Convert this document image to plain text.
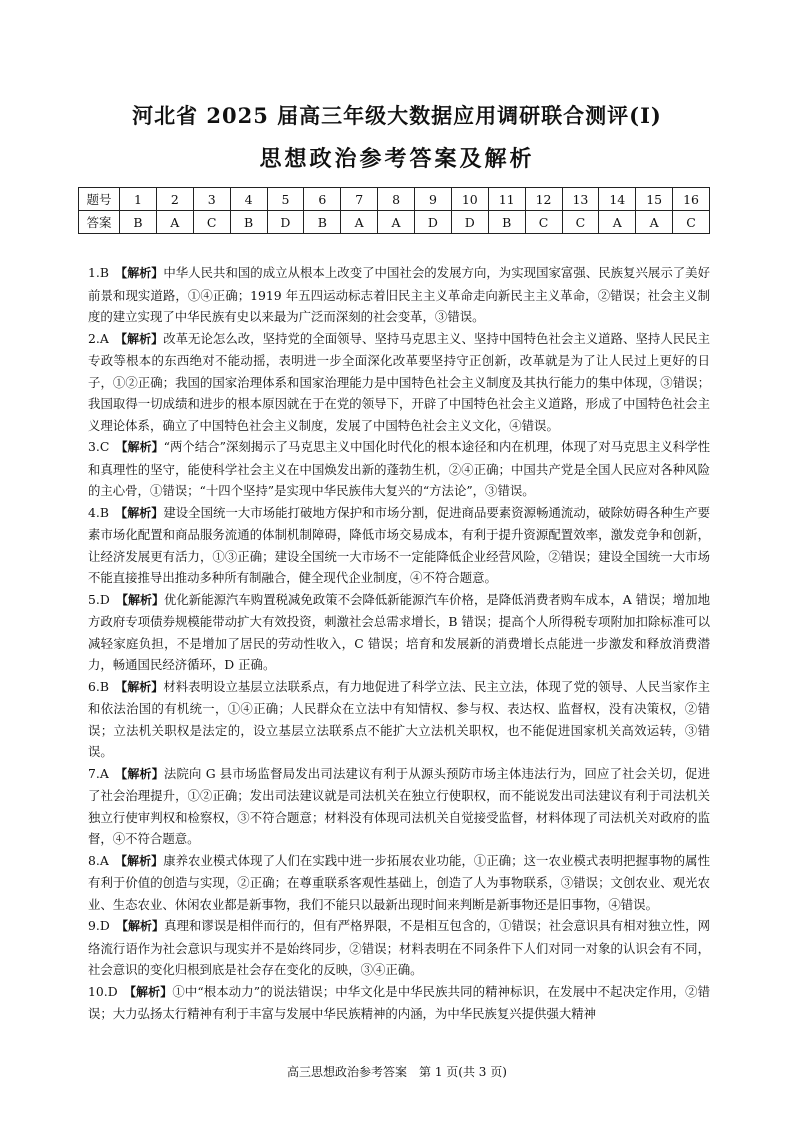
河北省 2025 届高三年级大数据应用调研联合测评(Ⅰ)
思想政治参考答案及解析
题号	1	2	3	4	5	6	7	8	9	10	11	12	13	14	15	16
答案	B	A	C	B	D	B	A	A	D	D	B	C	C	A	A	C

1.B  【解析】中华人民共和国的成立从根本上改变了中国社会的发展方向，为实现国家富强、民族复兴展示了美好前景和现实道路，①④正确；1919 年五四运动标志着旧民主主义革命走向新民主主义革命，②错误；社会主义制度的建立实现了中华民族有史以来最为广泛而深刻的社会变革，③错误。

2.A  【解析】改革无论怎么改，坚持党的全面领导、坚持马克思主义、坚持中国特色社会主义道路、坚持人民民主专政等根本的东西绝对不能动摇，表明进一步全面深化改革要坚持守正创新，改革就是为了让人民过上更好的日子，①②正确；我国的国家治理体系和国家治理能力是中国特色社会主义制度及其执行能力的集中体现，③错误；我国取得一切成绩和进步的根本原因就在于在党的领导下，开辟了中国特色社会主义道路，形成了中国特色社会主义理论体系，确立了中国特色社会主义制度，发展了中国特色社会主义文化，④错误。

3.C  【解析】“两个结合”深刻揭示了马克思主义中国化时代化的根本途径和内在机理，体现了对马克思主义科学性和真理性的坚守，能使科学社会主义在中国焕发出新的蓬勃生机，②④正确；中国共产党是全国人民应对各种风险的主心骨，①错误；“十四个坚持”是实现中华民族伟大复兴的“方法论”，③错误。

4.B  【解析】建设全国统一大市场能打破地方保护和市场分割，促进商品要素资源畅通流动，破除妨碍各种生产要素市场化配置和商品服务流通的体制机制障碍，降低市场交易成本，有利于提升资源配置效率，激发竞争和创新，让经济发展更有活力，①③正确；建设全国统一大市场不一定能降低企业经营风险，②错误；建设全国统一大市场不能直接推导出推动多种所有制融合，健全现代企业制度，④不符合题意。

5.D  【解析】优化新能源汽车购置税减免政策不会降低新能源汽车价格，是降低消费者购车成本，A 错误；增加地方政府专项债券规模能带动扩大有效投资，刺激社会总需求增长，B 错误；提高个人所得税专项附加扣除标准可以减轻家庭负担，不是增加了居民的劳动性收入，C 错误；培育和发展新的消费增长点能进一步激发和释放消费潜力，畅通国民经济循环，D 正确。

6.B  【解析】材料表明设立基层立法联系点，有力地促进了科学立法、民主立法，体现了党的领导、人民当家作主和依法治国的有机统一，①④正确；人民群众在立法中有知情权、参与权、表达权、监督权，没有决策权，②错误；立法机关职权是法定的，设立基层立法联系点不能扩大立法机关职权，也不能促进国家机关高效运转，③错误。

7.A  【解析】法院向 G 县市场监督局发出司法建议有利于从源头预防市场主体违法行为，回应了社会关切，促进了社会治理提升，①②正确；发出司法建议就是司法机关在独立行使职权，而不能说发出司法建议有利于司法机关独立行使审判权和检察权，③不符合题意；材料没有体现司法机关自觉接受监督，材料体现了司法机关对政府的监督，④不符合题意。

8.A  【解析】康养农业模式体现了人们在实践中进一步拓展农业功能，①正确；这一农业模式表明把握事物的属性有利于价值的创造与实现，②正确；在尊重联系客观性基础上，创造了人为事物联系，③错误；文创农业、观光农业、生态农业、休闲农业都是新事物，我们不能只以最新出现时间来判断是新事物还是旧事物，④错误。

9.D  【解析】真理和谬误是相伴而行的，但有严格界限，不是相互包含的，①错误；社会意识具有相对独立性，网络流行语作为社会意识与现实并不是始终同步，②错误；材料表明在不同条件下人们对同一对象的认识会有不同，社会意识的变化归根到底是社会存在变化的反映，③④正确。

10.D  【解析】①中“根本动力”的说法错误；中华文化是中华民族共同的精神标识，在发展中不起决定作用，②错误；大力弘扬太行精神有利于丰富与发展中华民族精神的内涵，为中华民族复兴提供强大精神

高三思想政治参考答案　第 1 页(共 3 页)
